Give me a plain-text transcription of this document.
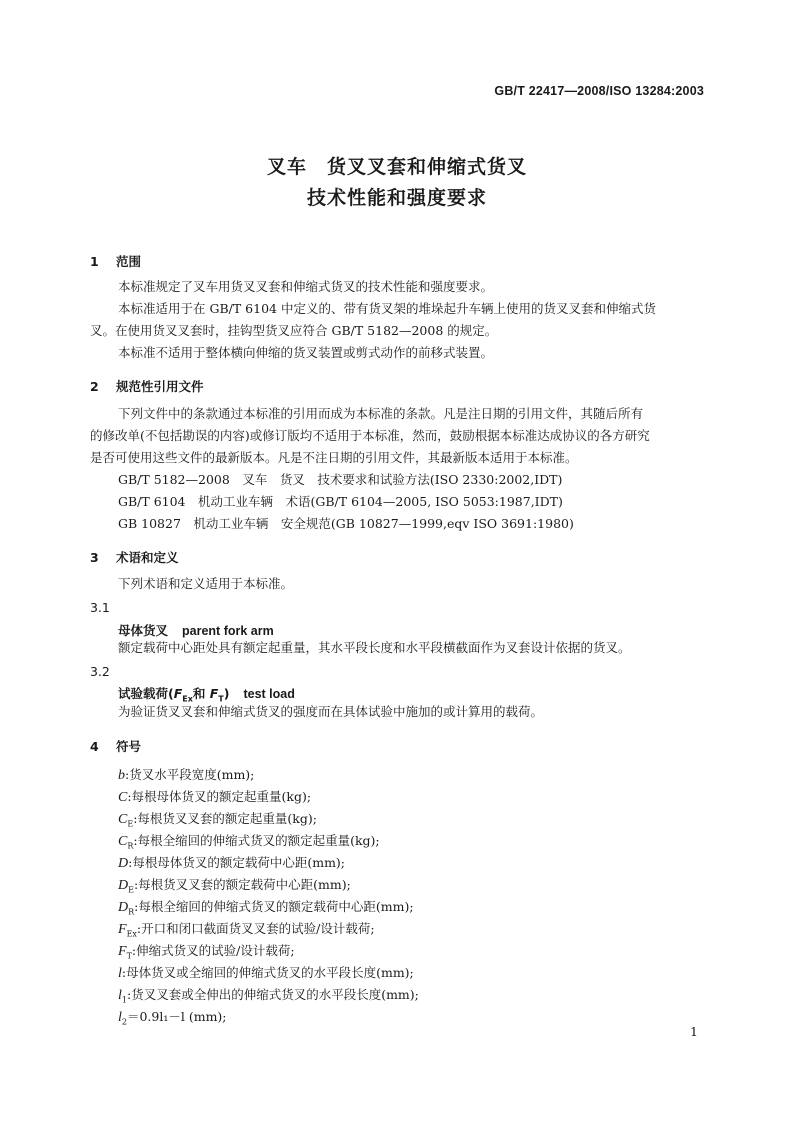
GB/T 22417—2008/ISO 13284:2003
叉车　货叉叉套和伸缩式货叉
技术性能和强度要求
1 范围
本标准规定了叉车用货叉叉套和伸缩式货叉的技术性能和强度要求。
本标准适用于在 GB/T 6104 中定义的、带有货叉架的堆垛起升车辆上使用的货叉叉套和伸缩式货
叉。在使用货叉叉套时，挂钩型货叉应符合 GB/T 5182—2008 的规定。
本标准不适用于整体横向伸缩的货叉装置或剪式动作的前移式装置。
2 规范性引用文件
下列文件中的条款通过本标准的引用而成为本标准的条款。凡是注日期的引用文件，其随后所有
的修改单(不包括勘误的内容)或修订版均不适用于本标准，然而，鼓励根据本标准达成协议的各方研究
是否可使用这些文件的最新版本。凡是不注日期的引用文件，其最新版本适用于本标准。
GB/T 5182—2008　叉车　货叉　技术要求和试验方法(ISO 2330:2002,IDT)
GB/T 6104　机动工业车辆　术语(GB/T 6104—2005, ISO 5053:1987,IDT)
GB 10827　机动工业车辆　安全规范(GB 10827—1999,eqv ISO 3691:1980)
3 术语和定义
下列术语和定义适用于本标准。
3.1
母体货叉 parent fork arm
额定载荷中心距处具有额定起重量，其水平段长度和水平段横截面作为叉套设计依据的货叉。
3.2
试验载荷($F_{Ex}$和 $F_T$) test load
为验证货叉叉套和伸缩式货叉的强度而在具体试验中施加的或计算用的载荷。
4 符号
b:货叉水平段宽度(mm);
C:每根母体货叉的额定起重量(kg);
$C_E$:每根货叉叉套的额定起重量(kg);
$C_R$:每根全缩回的伸缩式货叉的额定起重量(kg);
D:每根母体货叉的额定载荷中心距(mm);
$D_E$:每根货叉叉套的额定载荷中心距(mm);
$D_R$:每根全缩回的伸缩式货叉的额定载荷中心距(mm);
$F_{Ex}$:开口和闭口截面货叉叉套的试验/设计载荷;
$F_T$:伸缩式货叉的试验/设计载荷;
l:母体货叉或全缩回的伸缩式货叉的水平段长度(mm);
$l_1$:货叉叉套或全伸出的伸缩式货叉的水平段长度(mm);
$l_2=0.9l_1-l$ (mm);
1
